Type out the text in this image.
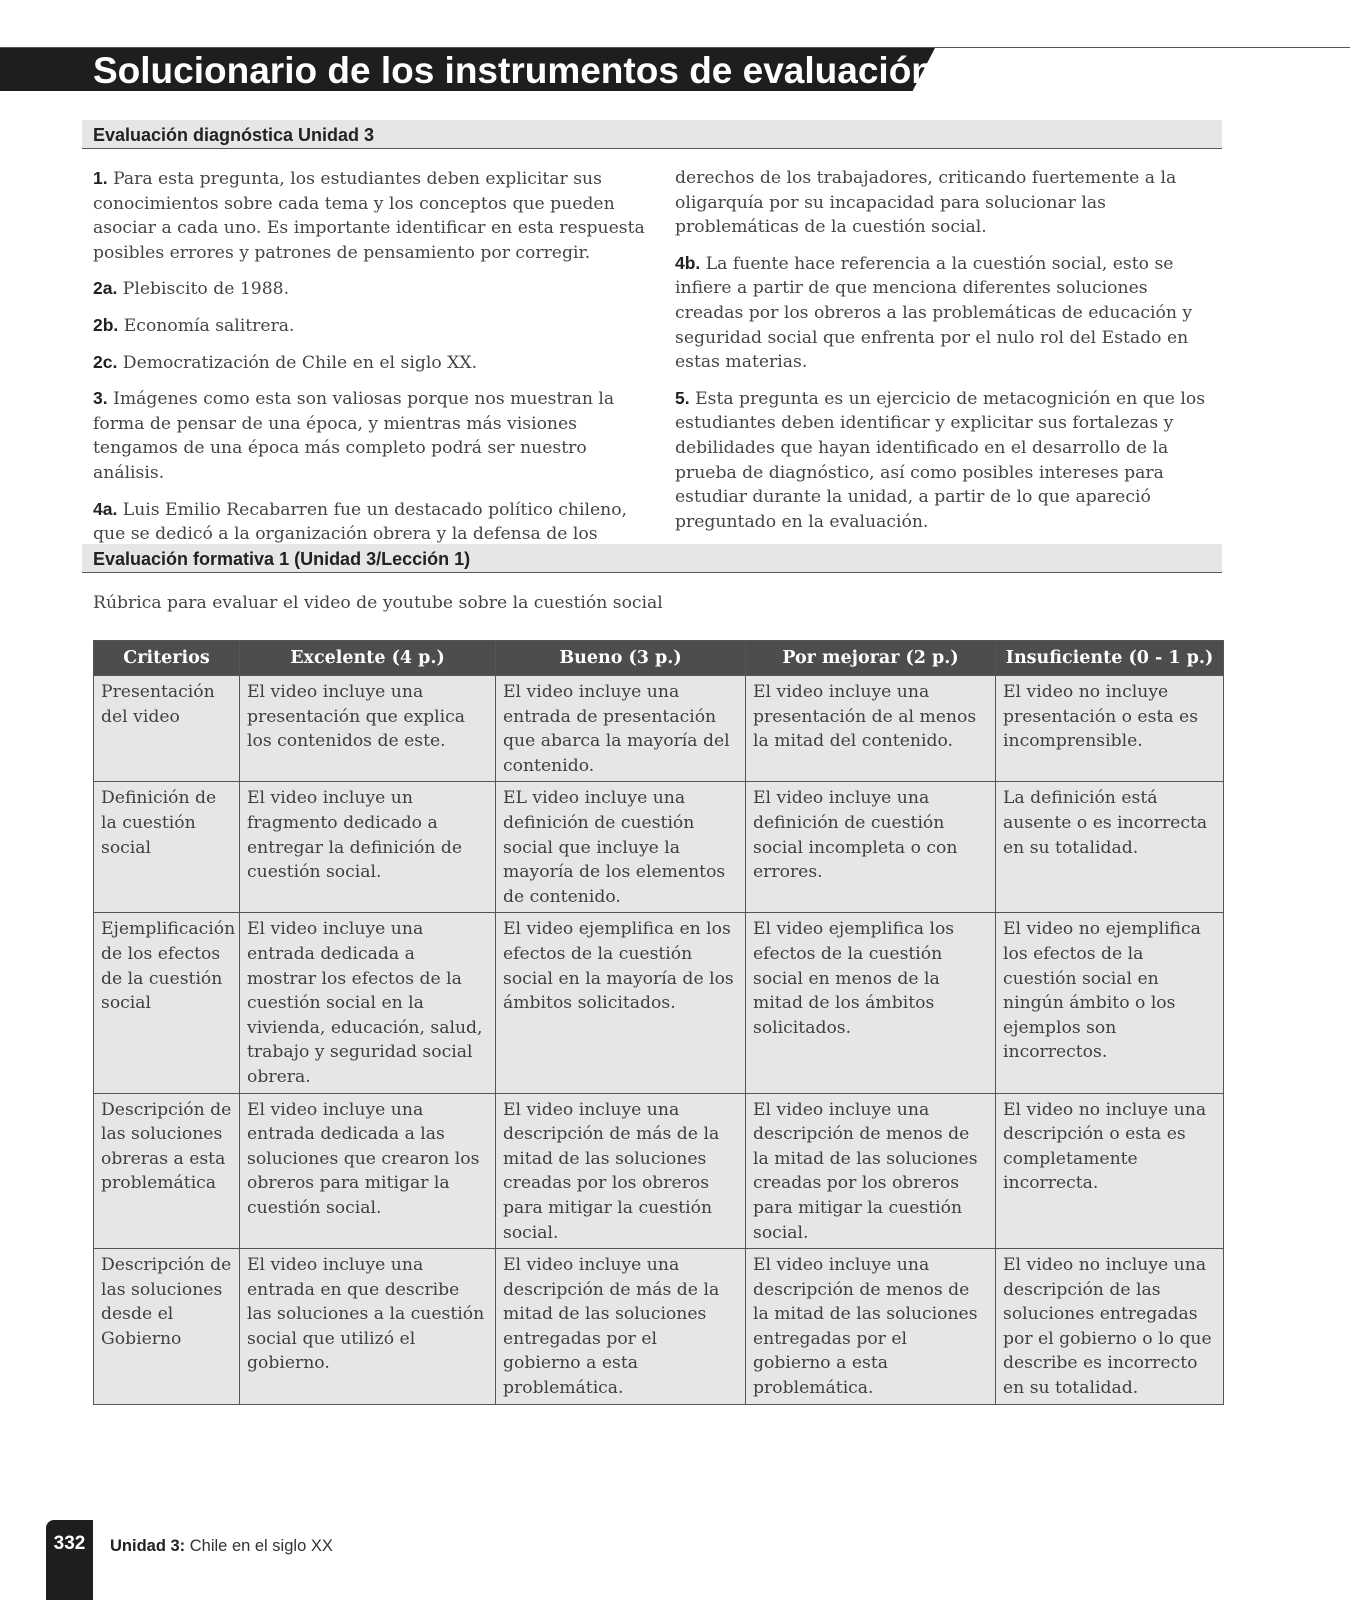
Solucionario de los instrumentos de evaluación
Evaluación diagnóstica Unidad 3

1. Para esta pregunta, los estudiantes deben explicitar sus conocimientos sobre cada tema y los conceptos que pueden asociar a cada uno. Es importante identificar en esta respuesta posibles errores y patrones de pensamiento por corregir.

2a. Plebiscito de 1988.

2b. Economía salitrera.

2c. Democratización de Chile en el siglo XX.

3. Imágenes como esta son valiosas porque nos muestran la forma de pensar de una época, y mientras más visiones tengamos de una época más completo podrá ser nuestro análisis.

4a. Luis Emilio Recabarren fue un destacado político chileno, que se dedicó a la organización obrera y la defensa de los

derechos de los trabajadores, criticando fuertemente a la oligarquía por su incapacidad para solucionar las problemáticas de la cuestión social.

4b. La fuente hace referencia a la cuestión social, esto se infiere a partir de que menciona diferentes soluciones creadas por los obreros a las problemáticas de educación y seguridad social que enfrenta por el nulo rol del Estado en estas materias.

5. Esta pregunta es un ejercicio de metacognición en que los estudiantes deben identificar y explicitar sus fortalezas y debilidades que hayan identificado en el desarrollo de la prueba de diagnóstico, así como posibles intereses para estudiar durante la unidad, a partir de lo que apareció preguntado en la evaluación.

Evaluación formativa 1 (Unidad 3/Lección 1)

Rúbrica para evaluar el video de youtube sobre la cuestión social

Criterios	Excelente (4 p.)	Bueno (3 p.)	Por mejorar (2 p.)	Insuficiente (0 - 1 p.)
Presentación del video	El video incluye una presentación que explica los contenidos de este.	El video incluye una entrada de presentación que abarca la mayoría del contenido.	El video incluye una presentación de al menos la mitad del contenido.	El video no incluye presentación o esta es incomprensible.
Definición de la cuestión social	El video incluye un fragmento dedicado a entregar la definición de cuestión social.	EL video incluye una definición de cuestión social que incluye la mayoría de los elementos de contenido.	El video incluye una definición de cuestión social incompleta o con errores.	La definición está ausente o es incorrecta en su totalidad.
Ejemplificación de los efectos de la cuestión social	El video incluye una entrada dedicada a mostrar los efectos de la cuestión social en la vivienda, educación, salud, trabajo y seguridad social obrera.	El video ejemplifica en los efectos de la cuestión social en la mayoría de los ámbitos solicitados.	El video ejemplifica los efectos de la cuestión social en menos de la mitad de los ámbitos solicitados.	El video no ejemplifica los efectos de la cuestión social en ningún ámbito o los ejemplos son incorrectos.
Descripción de las soluciones obreras a esta problemática	El video incluye una entrada dedicada a las soluciones que crearon los obreros para mitigar la cuestión social.	El video incluye una descripción de más de la mitad de las soluciones creadas por los obreros para mitigar la cuestión social.	El video incluye una descripción de menos de la mitad de las soluciones creadas por los obreros para mitigar la cuestión social.	El video no incluye una descripción o esta es completamente incorrecta.
Descripción de las soluciones desde el Gobierno	El video incluye una entrada en que describe las soluciones a la cuestión social que utilizó el gobierno.	El video incluye una descripción de más de la mitad de las soluciones entregadas por el gobierno a esta problemática.	El video incluye una descripción de menos de la mitad de las soluciones entregadas por el gobierno a esta problemática.	El video no incluye una descripción de las soluciones entregadas por el gobierno o lo que describe es incorrecto en su totalidad.
332	Unidad 3: Chile en el siglo XX
